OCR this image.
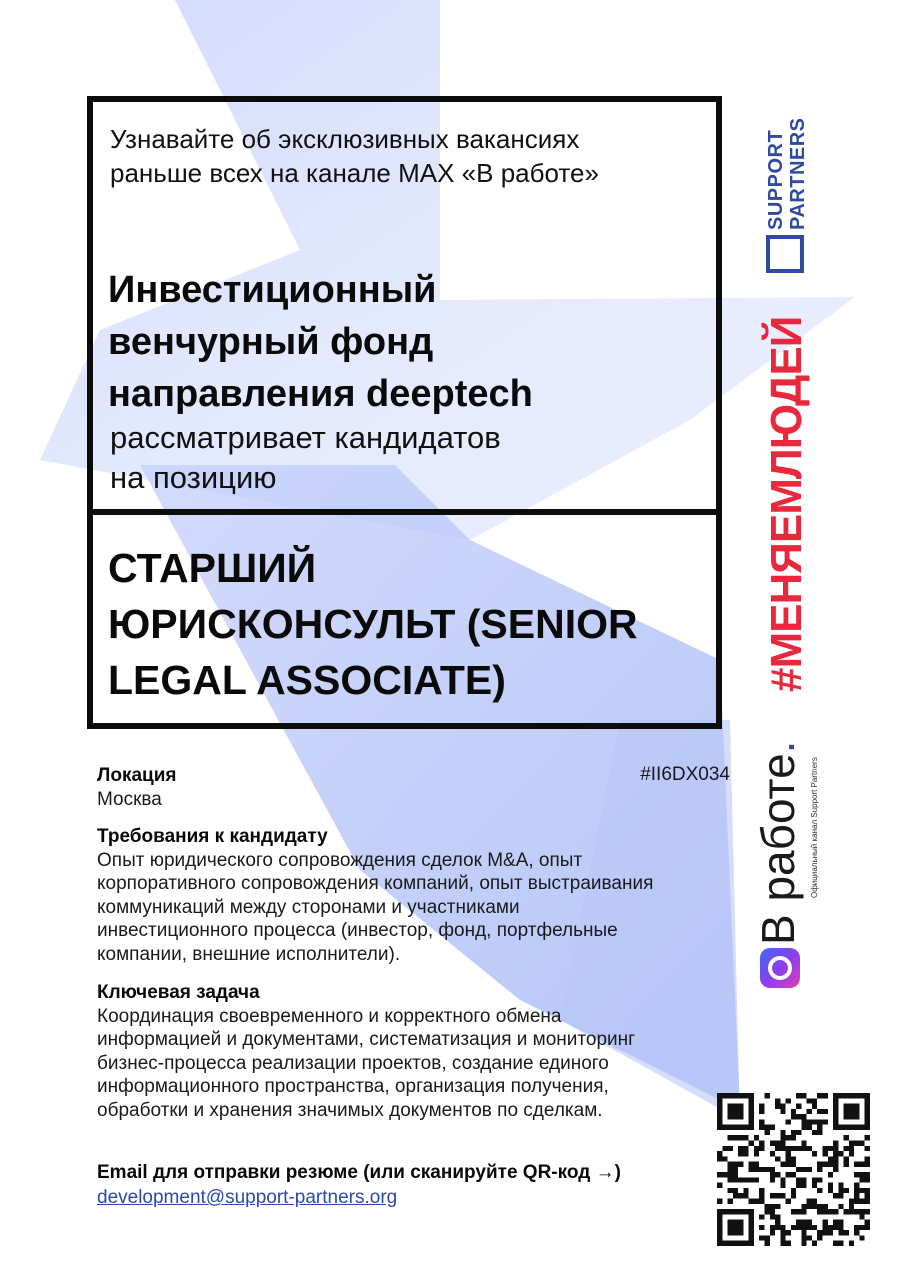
Узнавайте об эксклюзивных вакансиях
раньше всех на канале MAX «В работе»
Инвестиционный
венчурный фонд
направления deeptech
рассматривает кандидатов
на позицию
СТАРШИЙ
ЮРИСКОНСУЛЬТ (SENIOR
LEGAL ASSOCIATE)
Локация
Москва
#II6DX034
Требования к кандидату
Опыт юридического сопровождения сделок M&A, опыт
корпоративного сопровождения компаний, опыт выстраивания
коммуникаций между сторонами и участниками
инвестиционного процесса (инвестор, фонд, портфельные
компании, внешние исполнители).
Ключевая задача
Координация своевременного и корректного обмена
информацией и документами, систематизация и мониторинг
бизнес-процесса реализации проектов, создание единого
информационного пространства, организация получения,
обработки и хранения значимых документов по сделкам.
Email для отправки резюме (или сканируйте QR-код →)
development@support-partners.org
SUPPORT PARTNERS
#МЕНЯЕМЛЮДЕЙ
В работе.
Официальный канал Support Partners
